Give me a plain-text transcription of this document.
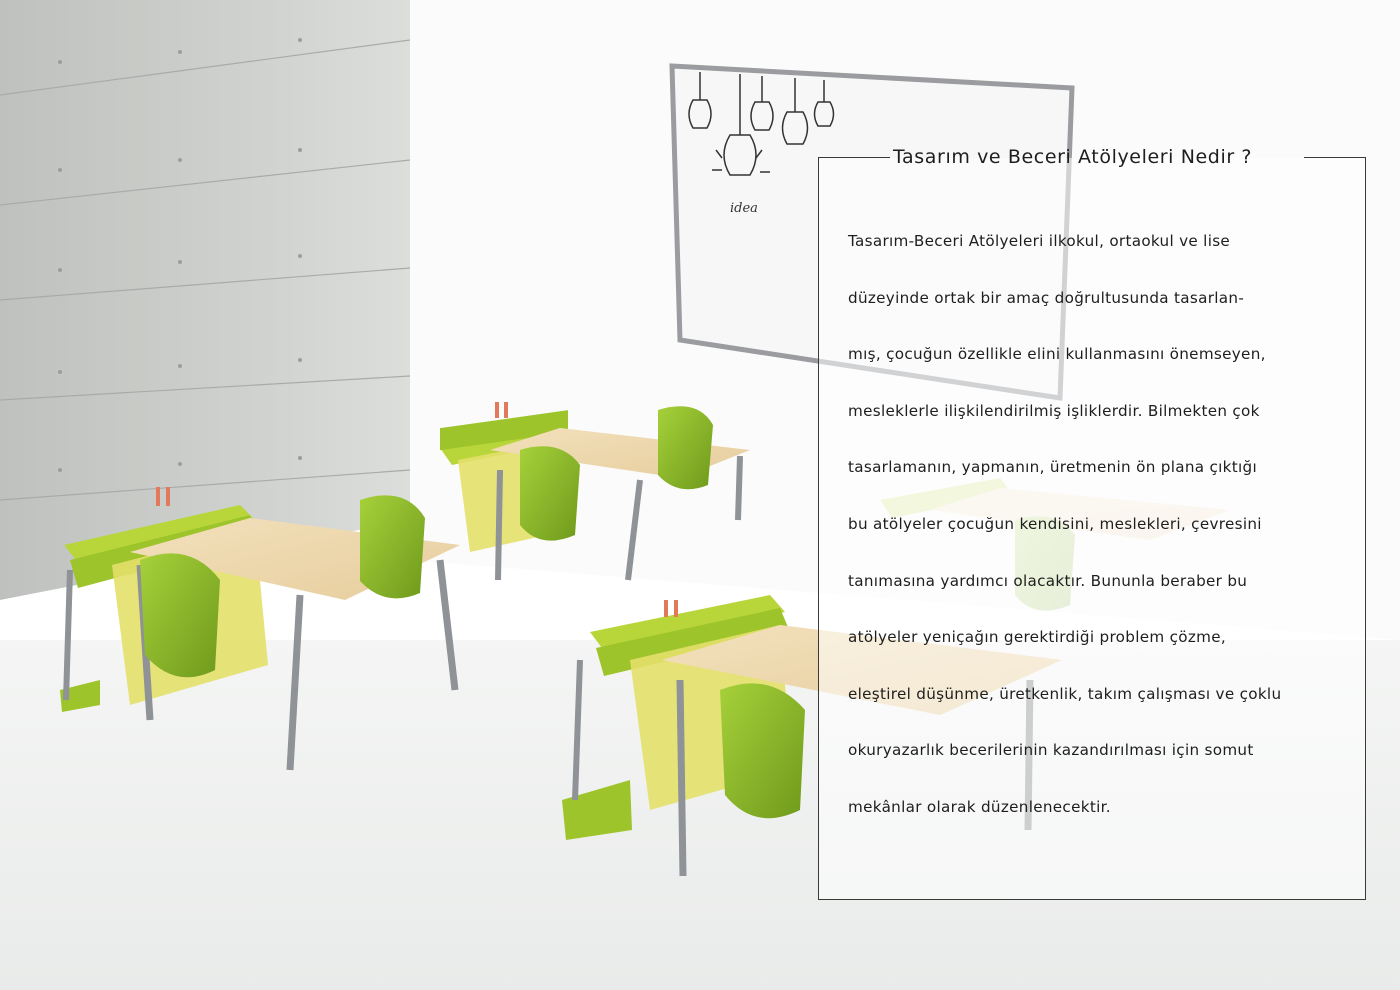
idea
Tasarım ve Beceri Atölyeleri Nedir ?
Tasarım-Beceri Atölyeleri ilkokul, ortaokul ve lise
düzeyinde ortak bir amaç doğrultusunda tasarlan-
mış, çocuğun özellikle elini kullanmasını önemseyen,
mesleklerle ilişkilendirilmiş işliklerdir. Bilmekten çok
tasarlamanın, yapmanın, üretmenin ön plana çıktığı
bu atölyeler çocuğun kendisini, meslekleri, çevresini
tanımasına yardımcı olacaktır. Bununla beraber bu
atölyeler yeniçağın gerektirdiği problem çözme,
eleştirel düşünme, üretkenlik, takım çalışması ve çoklu
okuryazarlık becerilerinin kazandırılması için somut
mekânlar olarak düzenlenecektir.
